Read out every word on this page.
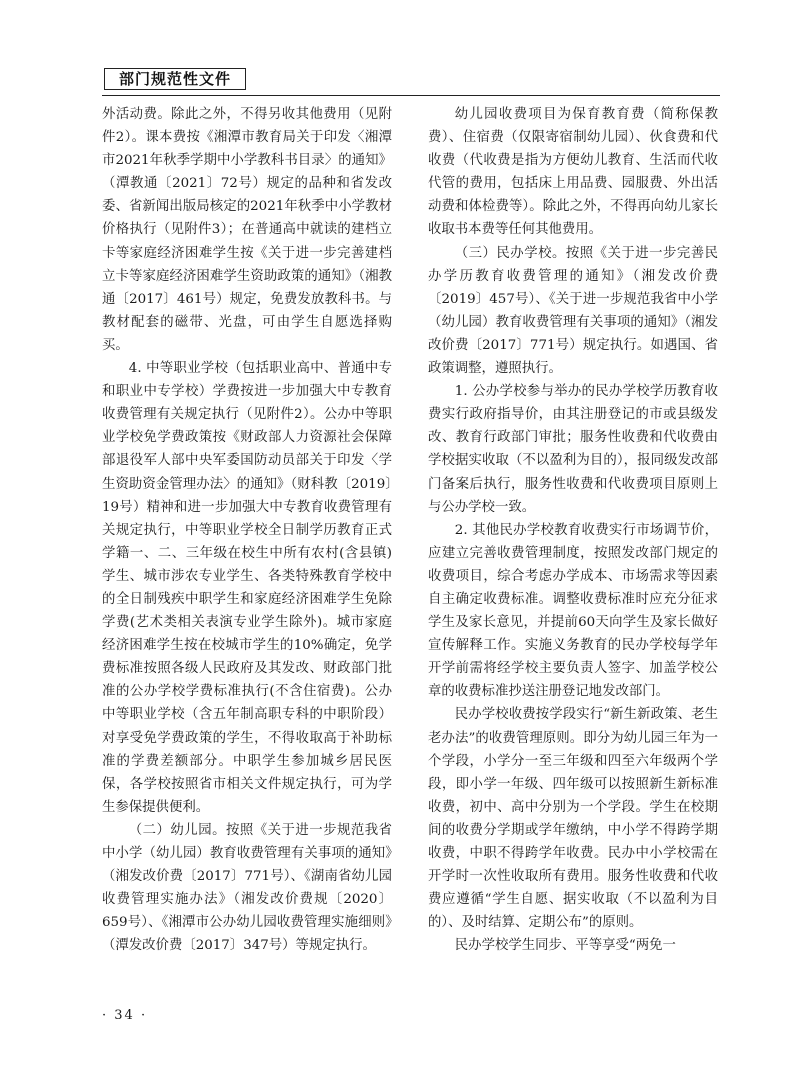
部门规范性文件

外活动费。除此之外，不得另收其他费用（见附件2）。课本费按《湘潭市教育局关于印发〈湘潭市2021年秋季学期中小学教科书目录〉的通知》（潭教通〔2021〕72号）规定的品种和省发改委、省新闻出版局核定的2021年秋季中小学教材价格执行（见附件3）；在普通高中就读的建档立卡等家庭经济困难学生按《关于进一步完善建档立卡等家庭经济困难学生资助政策的通知》（湘教通〔2017〕461号）规定，免费发放教科书。与教材配套的磁带、光盘，可由学生自愿选择购买。

4. 中等职业学校（包括职业高中、普通中专和职业中专学校）学费按进一步加强大中专教育收费管理有关规定执行（见附件2）。公办中等职业学校免学费政策按《财政部人力资源社会保障部退役军人部中央军委国防动员部关于印发〈学生资助资金管理办法〉的通知》（财科教〔2019〕19号）精神和进一步加强大中专教育收费管理有关规定执行，中等职业学校全日制学历教育正式学籍一、二、三年级在校生中所有农村(含县镇)学生、城市涉农专业学生、各类特殊教育学校中的全日制残疾中职学生和家庭经济困难学生免除学费(艺术类相关表演专业学生除外)。城市家庭经济困难学生按在校城市学生的10%确定，免学费标准按照各级人民政府及其发改、财政部门批准的公办学校学费标准执行(不含住宿费)。公办中等职业学校（含五年制高职专科的中职阶段）对享受免学费政策的学生，不得收取高于补助标准的学费差额部分。中职学生参加城乡居民医保，各学校按照省市相关文件规定执行，可为学生参保提供便利。

（二）幼儿园。按照《关于进一步规范我省中小学（幼儿园）教育收费管理有关事项的通知》（湘发改价费〔2017〕771号）、《湖南省幼儿园收费管理实施办法》（湘发改价费规〔2020〕659号）、《湘潭市公办幼儿园收费管理实施细则》（潭发改价费〔2017〕347号）等规定执行。

幼儿园收费项目为保育教育费（简称保教费）、住宿费（仅限寄宿制幼儿园）、伙食费和代收费（代收费是指为方便幼儿教育、生活而代收代管的费用，包括床上用品费、园服费、外出活动费和体检费等）。除此之外，不得再向幼儿家长收取书本费等任何其他费用。

（三）民办学校。按照《关于进一步完善民办学历教育收费管理的通知》（湘发改价费〔2019〕457号）、《关于进一步规范我省中小学（幼儿园）教育收费管理有关事项的通知》（湘发改价费〔2017〕771号）规定执行。如遇国、省政策调整，遵照执行。

1. 公办学校参与举办的民办学校学历教育收费实行政府指导价，由其注册登记的市或县级发改、教育行政部门审批；服务性收费和代收费由学校据实收取（不以盈利为目的），报同级发改部门备案后执行，服务性收费和代收费项目原则上与公办学校一致。

2. 其他民办学校教育收费实行市场调节价，应建立完善收费管理制度，按照发改部门规定的收费项目，综合考虑办学成本、市场需求等因素自主确定收费标准。调整收费标准时应充分征求学生及家长意见，并提前60天向学生及家长做好宣传解释工作。实施义务教育的民办学校每学年开学前需将经学校主要负责人签字、加盖学校公章的收费标准抄送注册登记地发改部门。

民办学校收费按学段实行“新生新政策、老生老办法”的收费管理原则。即分为幼儿园三年为一个学段，小学分一至三年级和四至六年级两个学段，即小学一年级、四年级可以按照新生新标准收费，初中、高中分别为一个学段。学生在校期间的收费分学期或学年缴纳，中小学不得跨学期收费，中职不得跨学年收费。民办中小学校需在开学时一次性收取所有费用。服务性收费和代收费应遵循“学生自愿、据实收取（不以盈利为目的）、及时结算、定期公布”的原则。

民办学校学生同步、平等享受“两免一

· 34 ·
